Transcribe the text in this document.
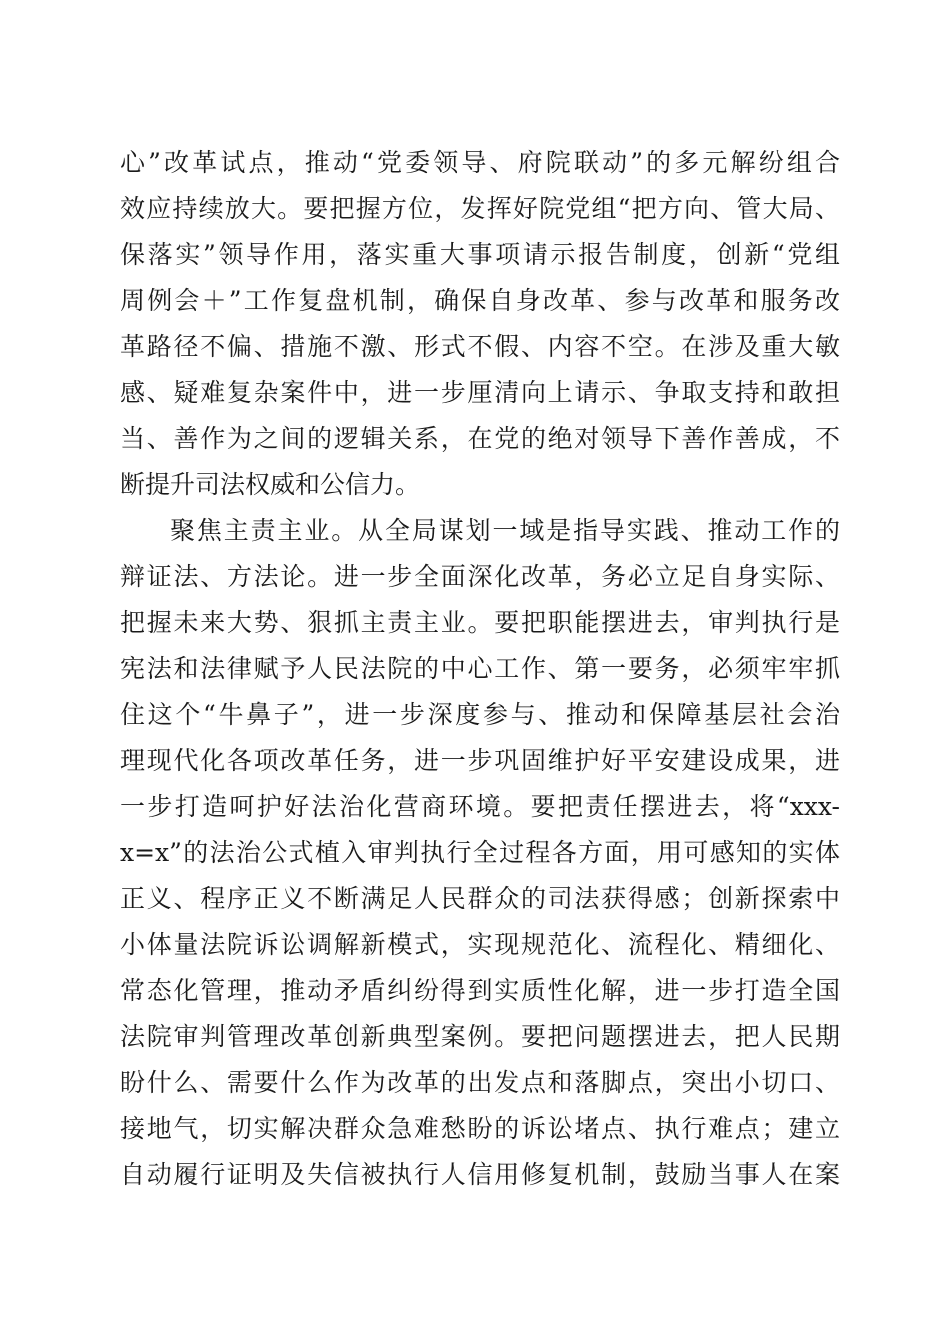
心”改革试点，推动“党委领导、府院联动”的多元解纷组合
效应持续放大。要把握方位，发挥好院党组“把方向、管大局、
保落实”领导作用，落实重大事项请示报告制度，创新“党组
周例会＋”工作复盘机制，确保自身改革、参与改革和服务改
革路径不偏、措施不激、形式不假、内容不空。在涉及重大敏
感、疑难复杂案件中，进一步厘清向上请示、争取支持和敢担
当、善作为之间的逻辑关系，在党的绝对领导下善作善成，不
断提升司法权威和公信力。
聚焦主责主业。从全局谋划一域是指导实践、推动工作的
辩证法、方法论。进一步全面深化改革，务必立足自身实际、
把握未来大势、狠抓主责主业。要把职能摆进去，审判执行是
宪法和法律赋予人民法院的中心工作、第一要务，必须牢牢抓
住这个“牛鼻子”，进一步深度参与、推动和保障基层社会治
理现代化各项改革任务，进一步巩固维护好平安建设成果，进
一步打造呵护好法治化营商环境。要把责任摆进去，将“xxx-
x=x”的法治公式植入审判执行全过程各方面，用可感知的实体
正义、程序正义不断满足人民群众的司法获得感；创新探索中
小体量法院诉讼调解新模式，实现规范化、流程化、精细化、
常态化管理，推动矛盾纠纷得到实质性化解，进一步打造全国
法院审判管理改革创新典型案例。要把问题摆进去，把人民期
盼什么、需要什么作为改革的出发点和落脚点，突出小切口、
接地气，切实解决群众急难愁盼的诉讼堵点、执行难点；建立
自动履行证明及失信被执行人信用修复机制，鼓励当事人在案
